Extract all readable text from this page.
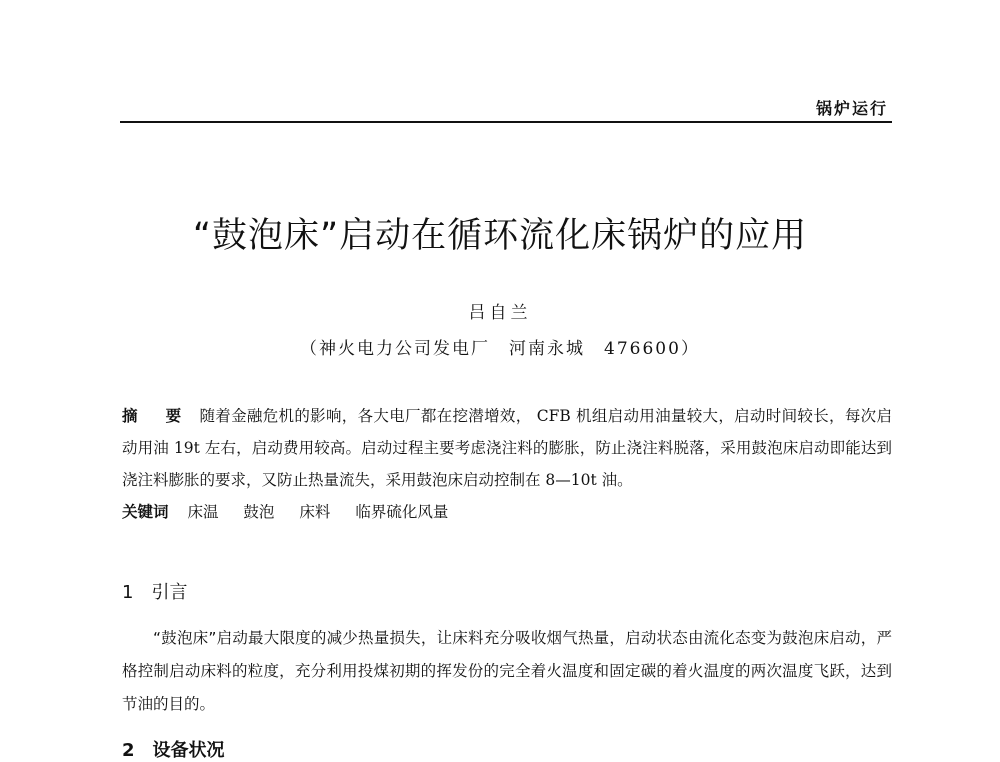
锅炉运行
“鼓泡床”启动在循环流化床锅炉的应用
吕自兰
（神火电力公司发电厂　河南永城　476600）
摘　要 随着金融危机的影响，各大电厂都在挖潜增效， CFB 机组启动用油量较大，启动时间较长，每次启动用油 19t 左右，启动费用较高。启动过程主要考虑浇注料的膨胀，防止浇注料脱落，采用鼓泡床启动即能达到浇注料膨胀的要求，又防止热量流失，采用鼓泡床启动控制在 8—10t 油。
关键词 床温 鼓泡 床料 临界硫化风量
1 引言

“鼓泡床”启动最大限度的减少热量损失，让床料充分吸收烟气热量，启动状态由流化态变为鼓泡床启动，严格控制启动床料的粒度，充分利用投煤初期的挥发份的完全着火温度和固定碳的着火温度的两次温度飞跃，达到节油的目的。

2 设备状况
